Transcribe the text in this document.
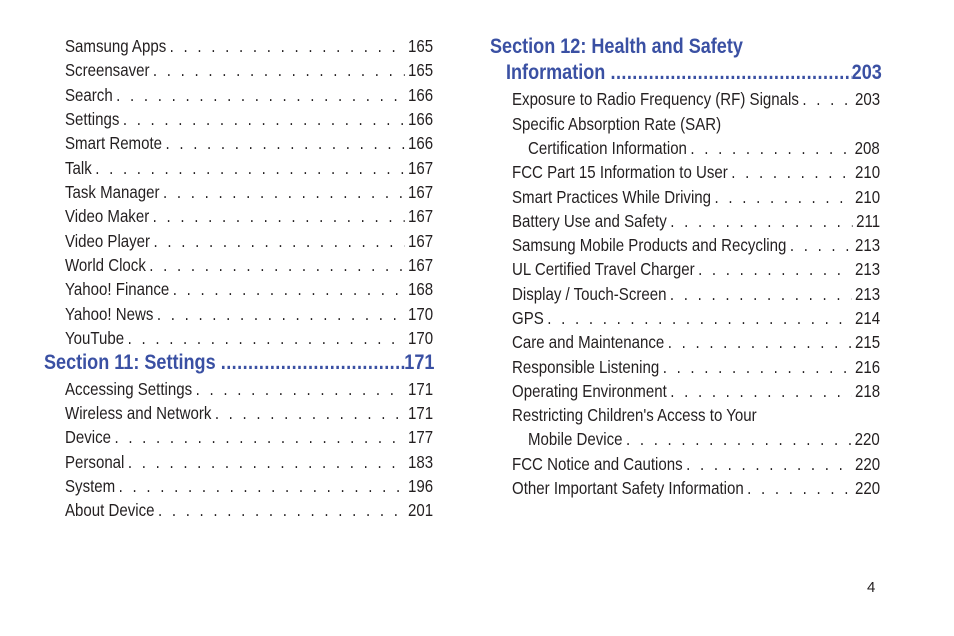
Samsung Apps . . .	165
Screensaver . . .	165
Search . . .	166
Settings . . .	166
Smart Remote . . .	166
Talk . . .	167
Task Manager . . .	167
Video Maker . . .	167
Video Player . . .	167
World Clock . . .	167
Yahoo! Finance . . .	168
Yahoo! News . . .	170
YouTube . . .	170
Section 11: Settings .....	171
Accessing Settings . . .	171
Wireless and Network . . .	171
Device . . .	177
Personal . . .	183
System . . .	196
About Device . . .	201
Section 12: Health and Safety
Information .....	203
Exposure to Radio Frequency (RF) Signals . . .	203
Specific Absorption Rate (SAR)
Certification Information . . .	208
FCC Part 15 Information to User . . .	210
Smart Practices While Driving . . .	210
Battery Use and Safety . . .	211
Samsung Mobile Products and Recycling . . .	213
UL Certified Travel Charger . . .	213
Display / Touch-Screen . . .	213
GPS . . .	214
Care and Maintenance . . .	215
Responsible Listening . . .	216
Operating Environment . . .	218
Restricting Children's Access to Your
Mobile Device . . .	220
FCC Notice and Cautions . . .	220
Other Important Safety Information . . .	220
4
